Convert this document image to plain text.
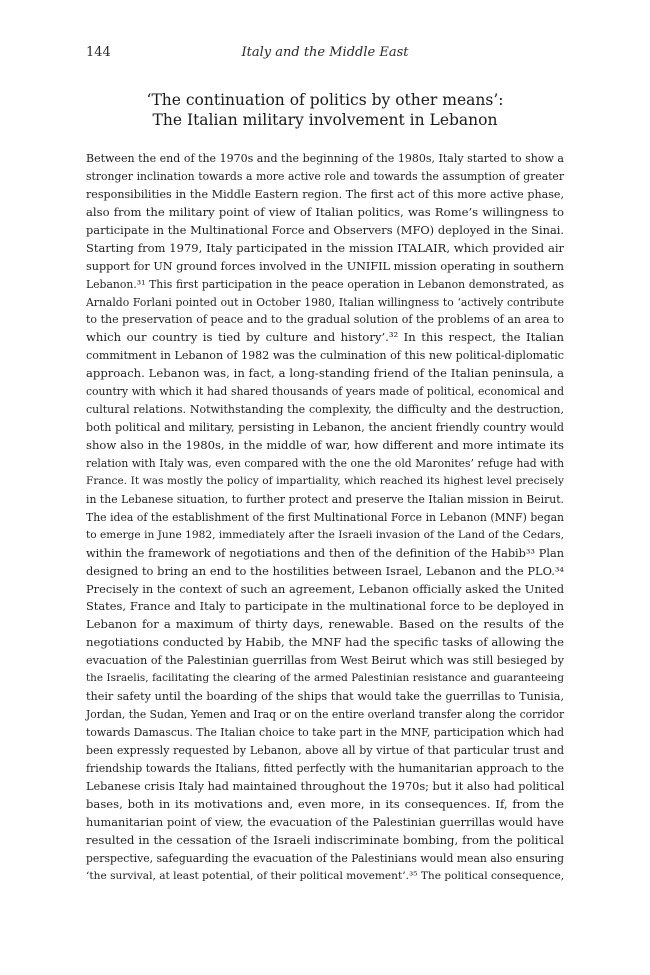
144	Italy and the Middle East
‘The continuation of politics by other means’:
The Italian military involvement in Lebanon
Between the end of the 1970s and the beginning of the 1980s, Italy started to show a
stronger inclination towards a more active role and towards the assumption of greater
responsibilities in the Middle Eastern region. The first act of this more active phase,
also from the military point of view of Italian politics, was Rome’s willingness to
participate in the Multinational Force and Observers (MFO) deployed in the Sinai.
Starting from 1979, Italy participated in the mission ITALAIR, which provided air
support for UN ground forces involved in the UNIFIL mission operating in southern
Lebanon.³¹ This first participation in the peace operation in Lebanon demonstrated, as
Arnaldo Forlani pointed out in October 1980, Italian willingness to ‘actively contribute
to the preservation of peace and to the gradual solution of the problems of an area to
which our country is tied by culture and history’.³² In this respect, the Italian
commitment in Lebanon of 1982 was the culmination of this new political-diplomatic
approach. Lebanon was, in fact, a long-standing friend of the Italian peninsula, a
country with which it had shared thousands of years made of political, economical and
cultural relations. Notwithstanding the complexity, the difficulty and the destruction,
both political and military, persisting in Lebanon, the ancient friendly country would
show also in the 1980s, in the middle of war, how different and more intimate its
relation with Italy was, even compared with the one the old Maronites’ refuge had with
France. It was mostly the policy of impartiality, which reached its highest level precisely
in the Lebanese situation, to further protect and preserve the Italian mission in Beirut.
The idea of the establishment of the first Multinational Force in Lebanon (MNF) began
to emerge in June 1982, immediately after the Israeli invasion of the Land of the Cedars,
within the framework of negotiations and then of the definition of the Habib³³ Plan
designed to bring an end to the hostilities between Israel, Lebanon and the PLO.³⁴
Precisely in the context of such an agreement, Lebanon officially asked the United
States, France and Italy to participate in the multinational force to be deployed in
Lebanon for a maximum of thirty days, renewable. Based on the results of the
negotiations conducted by Habib, the MNF had the specific tasks of allowing the
evacuation of the Palestinian guerrillas from West Beirut which was still besieged by
the Israelis, facilitating the clearing of the armed Palestinian resistance and guaranteeing
their safety until the boarding of the ships that would take the guerrillas to Tunisia,
Jordan, the Sudan, Yemen and Iraq or on the entire overland transfer along the corridor
towards Damascus. The Italian choice to take part in the MNF, participation which had
been expressly requested by Lebanon, above all by virtue of that particular trust and
friendship towards the Italians, fitted perfectly with the humanitarian approach to the
Lebanese crisis Italy had maintained throughout the 1970s; but it also had political
bases, both in its motivations and, even more, in its consequences. If, from the
humanitarian point of view, the evacuation of the Palestinian guerrillas would have
resulted in the cessation of the Israeli indiscriminate bombing, from the political
perspective, safeguarding the evacuation of the Palestinians would mean also ensuring
‘the survival, at least potential, of their political movement’.³⁵ The political consequence,
